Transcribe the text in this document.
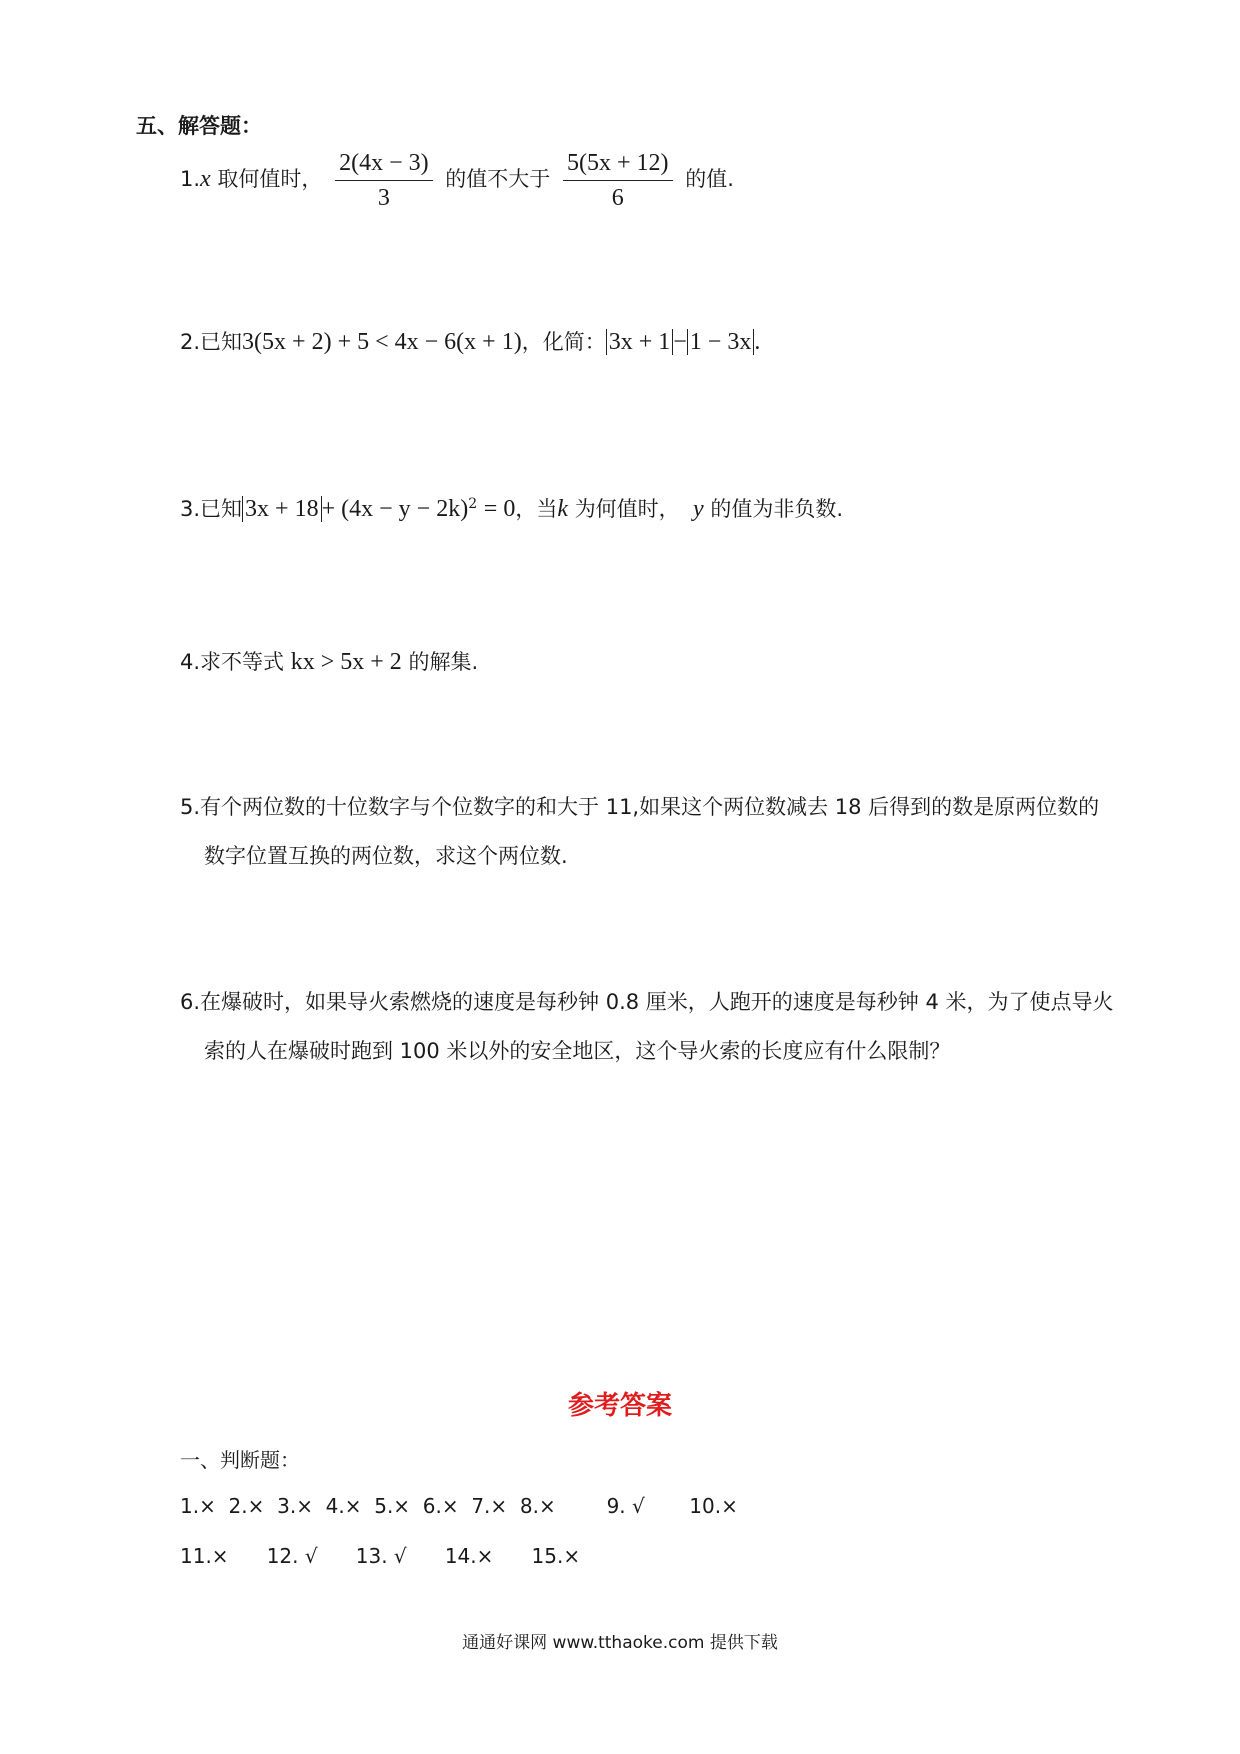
五、解答题：
1.x 取何值时， $\frac{2(4x - 3)}{3}$ 的值不大于 $\frac{5(5x + 12)}{6}$ 的值.
2.已知3(5x + 2) + 5 < 4x − 6(x + 1)，化简： 3x + 1 − 1 − 3x .
3.已知 $3x + 18 + (4x - y - 2k)^2 = 0$，当k 为何值时， y 的值为非负数.
4.求不等式 kx > 5x + 2 的解集.
5.有个两位数的十位数字与个位数字的和大于 11,如果这个两位数减去 18 后得到的数是原两位数的
数字位置互换的两位数，求这个两位数.
6.在爆破时，如果导火索燃烧的速度是每秒钟 0.8 厘米，人跑开的速度是每秒钟 4 米，为了使点导火
索的人在爆破时跑到 100 米以外的安全地区，这个导火索的长度应有什么限制？
参考答案
一、判断题：
1.×  2.×  3.×  4.×  5.×  6.×  7.×  8.×        9. √       10.×
11.×      12. √      13. √      14.×      15.×
通通好课网 www.tthaoke.com 提供下载
